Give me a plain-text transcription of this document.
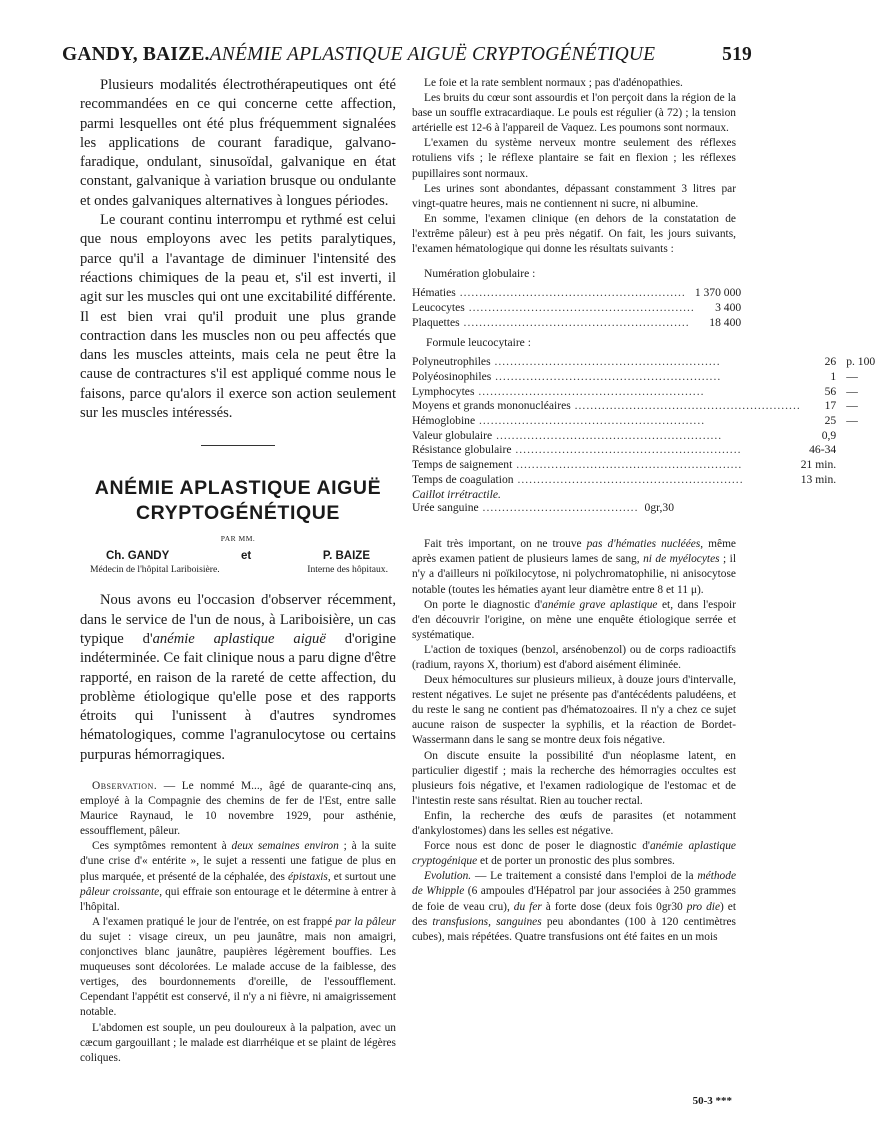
GANDY, BAIZE.ANÉMIE APLASTIQUE AIGUË CRYPTOGÉNÉTIQUE	519

Plusieurs modalités électrothérapeutiques ont été recommandées en ce qui concerne cette affection, parmi lesquelles ont été plus fréquemment signalées les applications de courant faradique, galvano-faradique, ondulant, sinusoïdal, galvanique en état constant, galvanique à variation brusque ou ondulante et ondes galvaniques alternatives à longues périodes.

Le courant continu interrompu et rythmé est celui que nous employons avec les petits paralytiques, parce qu'il a l'avantage de diminuer l'intensité des réactions chimiques de la peau et, s'il est inverti, il agit sur les muscles qui ont une excitabilité différente. Il est bien vrai qu'il produit une plus grande contraction dans les muscles non ou peu affectés que dans les muscles atteints, mais cela ne peut être la cause de contractures s'il est appliqué comme nous le faisons, parce qu'alors il exerce son action seulement sur les muscles intéressés.

ANÉMIE APLASTIQUE AIGUË

CRYPTOGÉNÉTIQUE

PAR MM.
Ch. GANDY	et	P. BAIZE
Médecin de l'hôpital Lariboisière.	Interne des hôpitaux.

Nous avons eu l'occasion d'observer récemment, dans le service de l'un de nous, à Lariboisière, un cas typique d'anémie aplastique aiguë d'origine indéterminée. Ce fait clinique nous a paru digne d'être rapporté, en raison de la rareté de cette affection, du problème étiologique qu'elle pose et des rapports étroits qui l'unissent à d'autres syndromes hématologiques, comme l'agranulocytose ou certains purpuras hémorragiques.

Observation. — Le nommé M..., âgé de quarante-cinq ans, employé à la Compagnie des chemins de fer de l'Est, entre salle Maurice Raynaud, le 10 novembre 1929, pour asthénie, essoufflement, pâleur.

Ces symptômes remontent à deux semaines environ ; à la suite d'une crise d'« entérite », le sujet a ressenti une fatigue de plus en plus marquée, et présenté de la céphalée, des épistaxis, et surtout une pâleur croissante, qui effraie son entourage et le détermine à entrer à l'hôpital.

A l'examen pratiqué le jour de l'entrée, on est frappé par la pâleur du sujet : visage cireux, un peu jaunâtre, mais non amaigri, conjonctives blanc jaunâtre, paupières légèrement bouffies. Les muqueuses sont décolorées. Le malade accuse de la faiblesse, des vertiges, des bourdonnements d'oreille, de l'essoufflement. Cependant l'appétit est conservé, il n'y a ni fièvre, ni amaigrissement notable.

L'abdomen est souple, un peu douloureux à la palpation, avec un cæcum gargouillant ; le malade est diarrhéique et se plaint de légères coliques.

Le foie et la rate semblent normaux ; pas d'adénopathies.

Les bruits du cœur sont assourdis et l'on perçoit dans la région de la base un souffle extracardiaque. Le pouls est régulier (à 72) ; la tension artérielle est 12-6 à l'appareil de Vaquez. Les poumons sont normaux.

L'examen du système nerveux montre seulement des réflexes rotuliens vifs ; le réflexe plantaire se fait en flexion ; les réflexes pupillaires sont normaux.

Les urines sont abondantes, dépassant constamment 3 litres par vingt-quatre heures, mais ne contiennent ni sucre, ni albumine.

En somme, l'examen clinique (en dehors de la constatation de l'extrême pâleur) est à peu près négatif. On fait, les jours suivants, l'examen hématologique qui donne les résultats suivants :

Numération globulaire :
Hématies ..........................................................	1 370 000	
Leucocytes ..........................................................	3 400	
Plaquettes ..........................................................	18 400	
Formule leucocytaire :
Polyneutrophiles ..........................................................	26	p. 100
Polyéosinophiles ..........................................................	1	—
Lymphocytes ..........................................................	56	—
Moyens et grands mononucléaires ..........................................................	17	—
Hémoglobine ..........................................................	25	—
Valeur globulaire ..........................................................	0,9	
Résistance globulaire ..........................................................	46-34	
Temps de saignement ..........................................................	21 min.	
Temps de coagulation ..........................................................	13 min.	
Caillot irrétractile.
Urée sanguine ........................................	0gr,30	

Fait très important, on ne trouve pas d'hématies nucléées, même après examen patient de plusieurs lames de sang, ni de myélocytes ; il n'y a d'ailleurs ni poïkilocytose, ni polychromatophilie, ni anisocytose notable (toutes les hématies ayant leur diamètre entre 8 et 11 μ).

On porte le diagnostic d'anémie grave aplastique et, dans l'espoir d'en découvrir l'origine, on mène une enquête étiologique serrée et systématique.

L'action de toxiques (benzol, arsénobenzol) ou de corps radioactifs (radium, rayons X, thorium) est d'abord aisément éliminée.

Deux hémocultures sur plusieurs milieux, à douze jours d'intervalle, restent négatives. Le sujet ne présente pas d'antécédents paludéens, et du reste le sang ne contient pas d'hématozoaires. Il n'y a chez ce sujet aucune raison de suspecter la syphilis, et la réaction de Bordet-Wassermann dans le sang se montre deux fois négative.

On discute ensuite la possibilité d'un néoplasme latent, en particulier digestif ; mais la recherche des hémorragies occultes est plusieurs fois négative, et l'examen radiologique de l'estomac et de l'intestin reste sans résultat. Rien au toucher rectal.

Enfin, la recherche des œufs de parasites (et notamment d'ankylostomes) dans les selles est négative.

Force nous est donc de poser le diagnostic d'anémie aplastique cryptogénique et de porter un pronostic des plus sombres.

Evolution. — Le traitement a consisté dans l'emploi de la méthode de Whipple (6 ampoules d'Hépatrol par jour associées à 250 grammes de foie de veau cru), du fer à forte dose (deux fois 0gr30 pro die) et des transfusions, sanguines peu abondantes (100 à 120 centimètres cubes), mais répétées. Quatre transfusions ont été faites en un mois

50-3 ***
